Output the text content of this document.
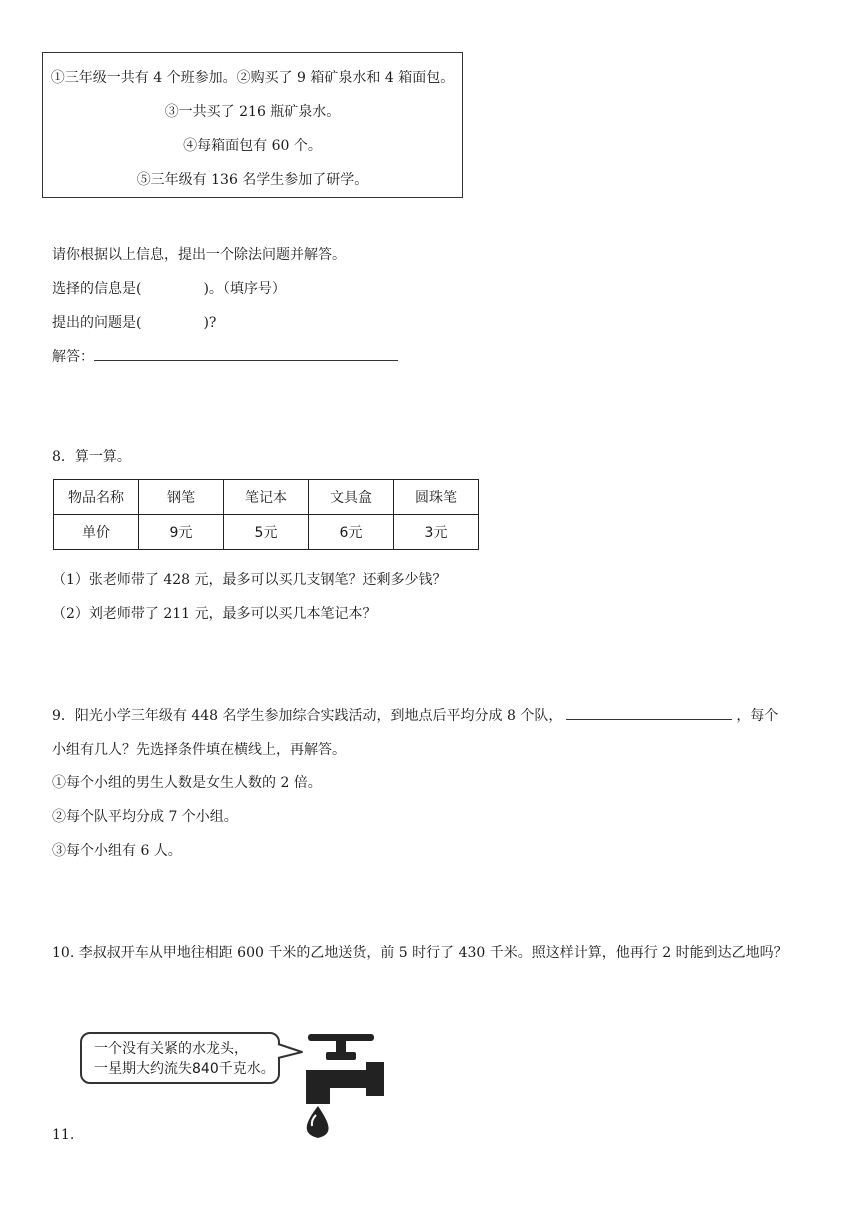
①三年级一共有 4 个班参加。②购买了 9 箱矿泉水和 4 箱面包。
③一共买了 216 瓶矿泉水。
④每箱面包有 60 个。
⑤三年级有 136 名学生参加了研学。
请你根据以上信息，提出一个除法问题并解答。
选择的信息是(	)。（填序号）
提出的问题是(	)?
解答：
8．算一算。
物品名称	钢笔	笔记本	文具盒	圆珠笔
单价	9元	5元	6元	3元
（1）张老师带了 428 元，最多可以买几支钢笔？还剩多少钱？
（2）刘老师带了 211 元，最多可以买几本笔记本？
9．阳光小学三年级有 448 名学生参加综合实践活动，到地点后平均分成 8 个队，	，每个
小组有几人？先选择条件填在横线上，再解答。
①每个小组的男生人数是女生人数的 2 倍。
②每个队平均分成 7 个小组。
③每个小组有 6 人。
10. 李叔叔开车从甲地往相距 600 千米的乙地送货，前 5 时行了 430 千米。照这样计算，他再行 2 时能到达乙地吗？
一个没有关紧的水龙头，
一星期大约流失840千克水。
11.
